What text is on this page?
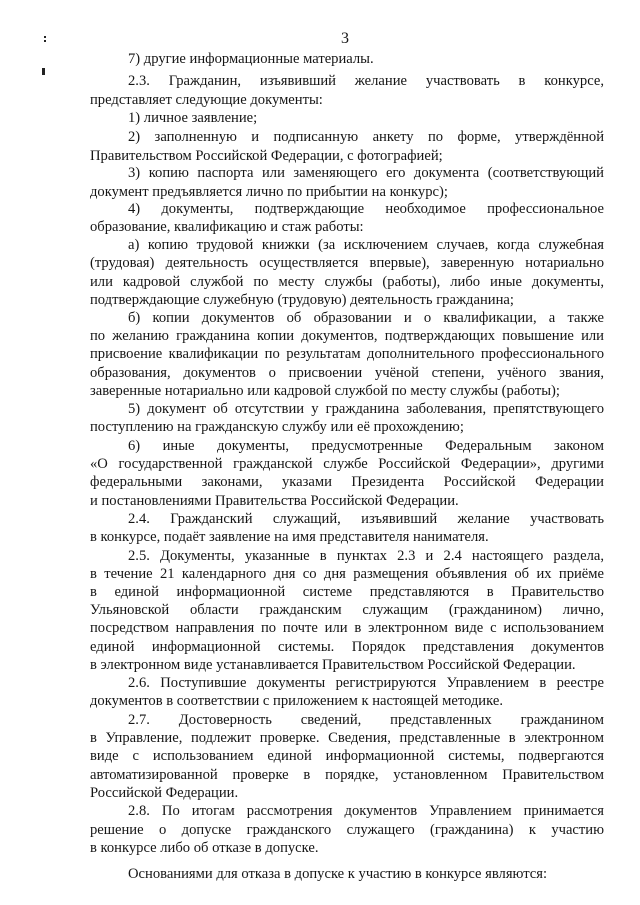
3
7) другие информационные материалы.
2.3. Гражданин, изъявивший желание участвовать в конкурсе,
представляет следующие документы:
1) личное заявление;
2) заполненную и подписанную анкету по форме, утверждённой
Правительством Российской Федерации, с фотографией;
3) копию паспорта или заменяющего его документа (соответствующий
документ предъявляется лично по прибытии на конкурс);
4) документы, подтверждающие необходимое профессиональное
образование, квалификацию и стаж работы:
а) копию трудовой книжки (за исключением случаев, когда служебная
(трудовая) деятельность осуществляется впервые), заверенную нотариально
или кадровой службой по месту службы (работы), либо иные документы,
подтверждающие служебную (трудовую) деятельность гражданина;
б) копии документов об образовании и о квалификации, а также
по желанию гражданина копии документов, подтверждающих повышение или
присвоение квалификации по результатам дополнительного профессионального
образования, документов о присвоении учёной степени, учёного звания,
заверенные нотариально или кадровой службой по месту службы (работы);
5) документ об отсутствии у гражданина заболевания, препятствующего
поступлению на гражданскую службу или её прохождению;
6) иные документы, предусмотренные Федеральным законом
«О государственной гражданской службе Российской Федерации», другими
федеральными законами, указами Президента Российской Федерации
и постановлениями Правительства Российской Федерации.
2.4. Гражданский служащий, изъявивший желание участвовать
в конкурсе, подаёт заявление на имя представителя нанимателя.
2.5. Документы, указанные в пунктах 2.3 и 2.4 настоящего раздела,
в течение 21 календарного дня со дня размещения объявления об их приёме
в единой информационной системе представляются в Правительство
Ульяновской области гражданским служащим (гражданином) лично,
посредством направления по почте или в электронном виде с использованием
единой информационной системы. Порядок представления документов
в электронном виде устанавливается Правительством Российской Федерации.
2.6. Поступившие документы регистрируются Управлением в реестре
документов в соответствии с приложением к настоящей методике.
2.7. Достоверность сведений, представленных гражданином
в Управление, подлежит проверке. Сведения, представленные в электронном
виде с использованием единой информационной системы, подвергаются
автоматизированной проверке в порядке, установленном Правительством
Российской Федерации.
2.8. По итогам рассмотрения документов Управлением принимается
решение о допуске гражданского служащего (гражданина) к участию
в конкурсе либо об отказе в допуске.
Основаниями для отказа в допуске к участию в конкурсе являются:
